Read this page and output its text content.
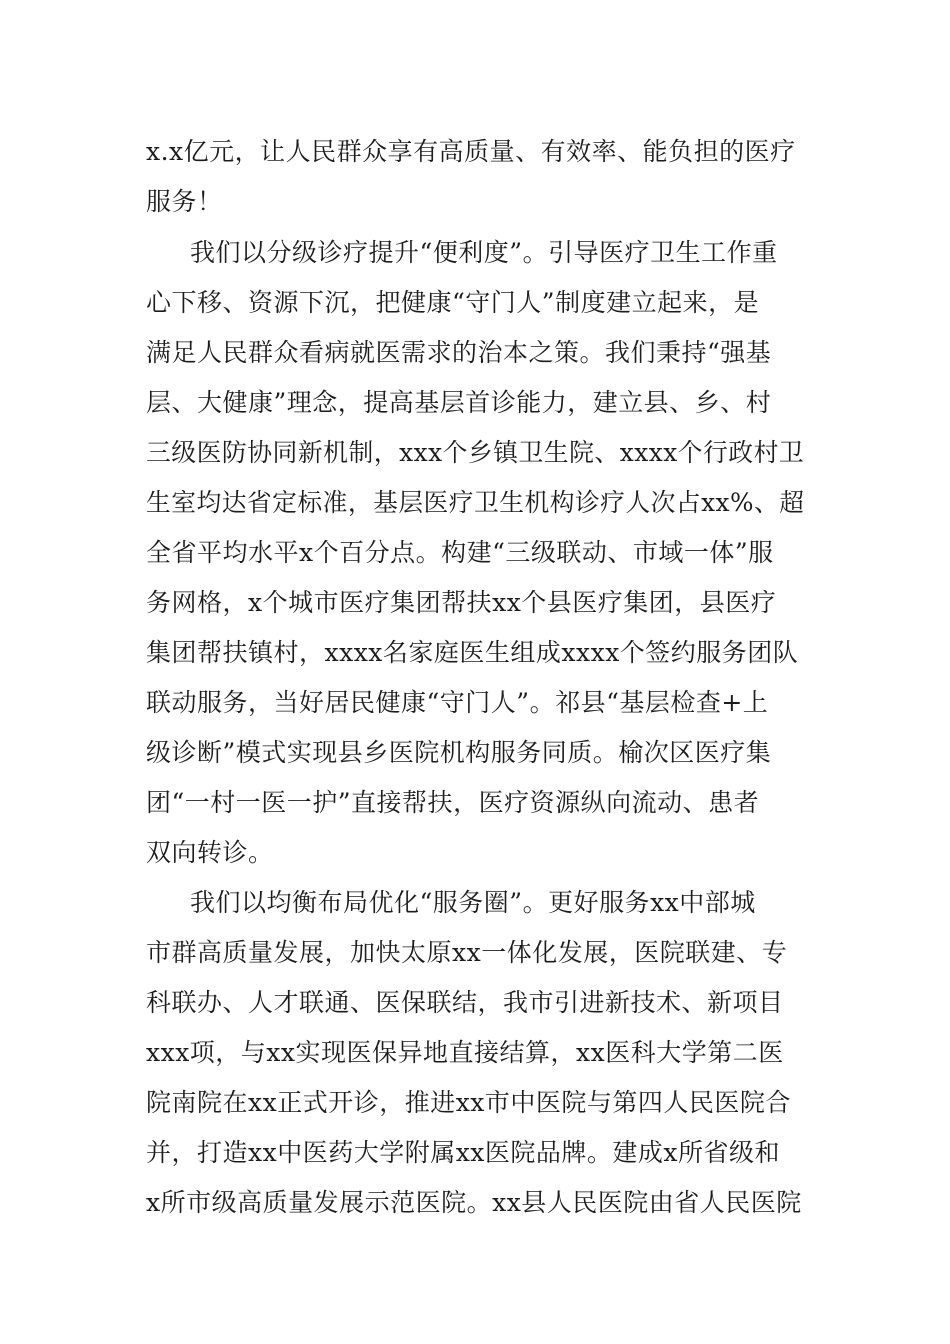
x.x亿元，让人民群众享有高质量、有效率、能负担的医疗
服务！
我们以分级诊疗提升“便利度”。引导医疗卫生工作重
心下移、资源下沉，把健康“守门人”制度建立起来，是
满足人民群众看病就医需求的治本之策。我们秉持“强基
层、大健康”理念，提高基层首诊能力，建立县、乡、村
三级医防协同新机制，xxx个乡镇卫生院、xxxx个行政村卫
生室均达省定标准，基层医疗卫生机构诊疗人次占xx%、超
全省平均水平x个百分点。构建“三级联动、市域一体”服
务网格，x个城市医疗集团帮扶xx个县医疗集团，县医疗
集团帮扶镇村，xxxx名家庭医生组成xxxx个签约服务团队
联动服务，当好居民健康“守门人”。祁县“基层检查+上
级诊断”模式实现县乡医院机构服务同质。榆次区医疗集
团“一村一医一护”直接帮扶，医疗资源纵向流动、患者
双向转诊。
我们以均衡布局优化“服务圈”。更好服务xx中部城
市群高质量发展，加快太原xx一体化发展，医院联建、专
科联办、人才联通、医保联结，我市引进新技术、新项目
xxx项，与xx实现医保异地直接结算，xx医科大学第二医
院南院在xx正式开诊，推进xx市中医院与第四人民医院合
并，打造xx中医药大学附属xx医院品牌。建成x所省级和
x所市级高质量发展示范医院。xx县人民医院由省人民医院
